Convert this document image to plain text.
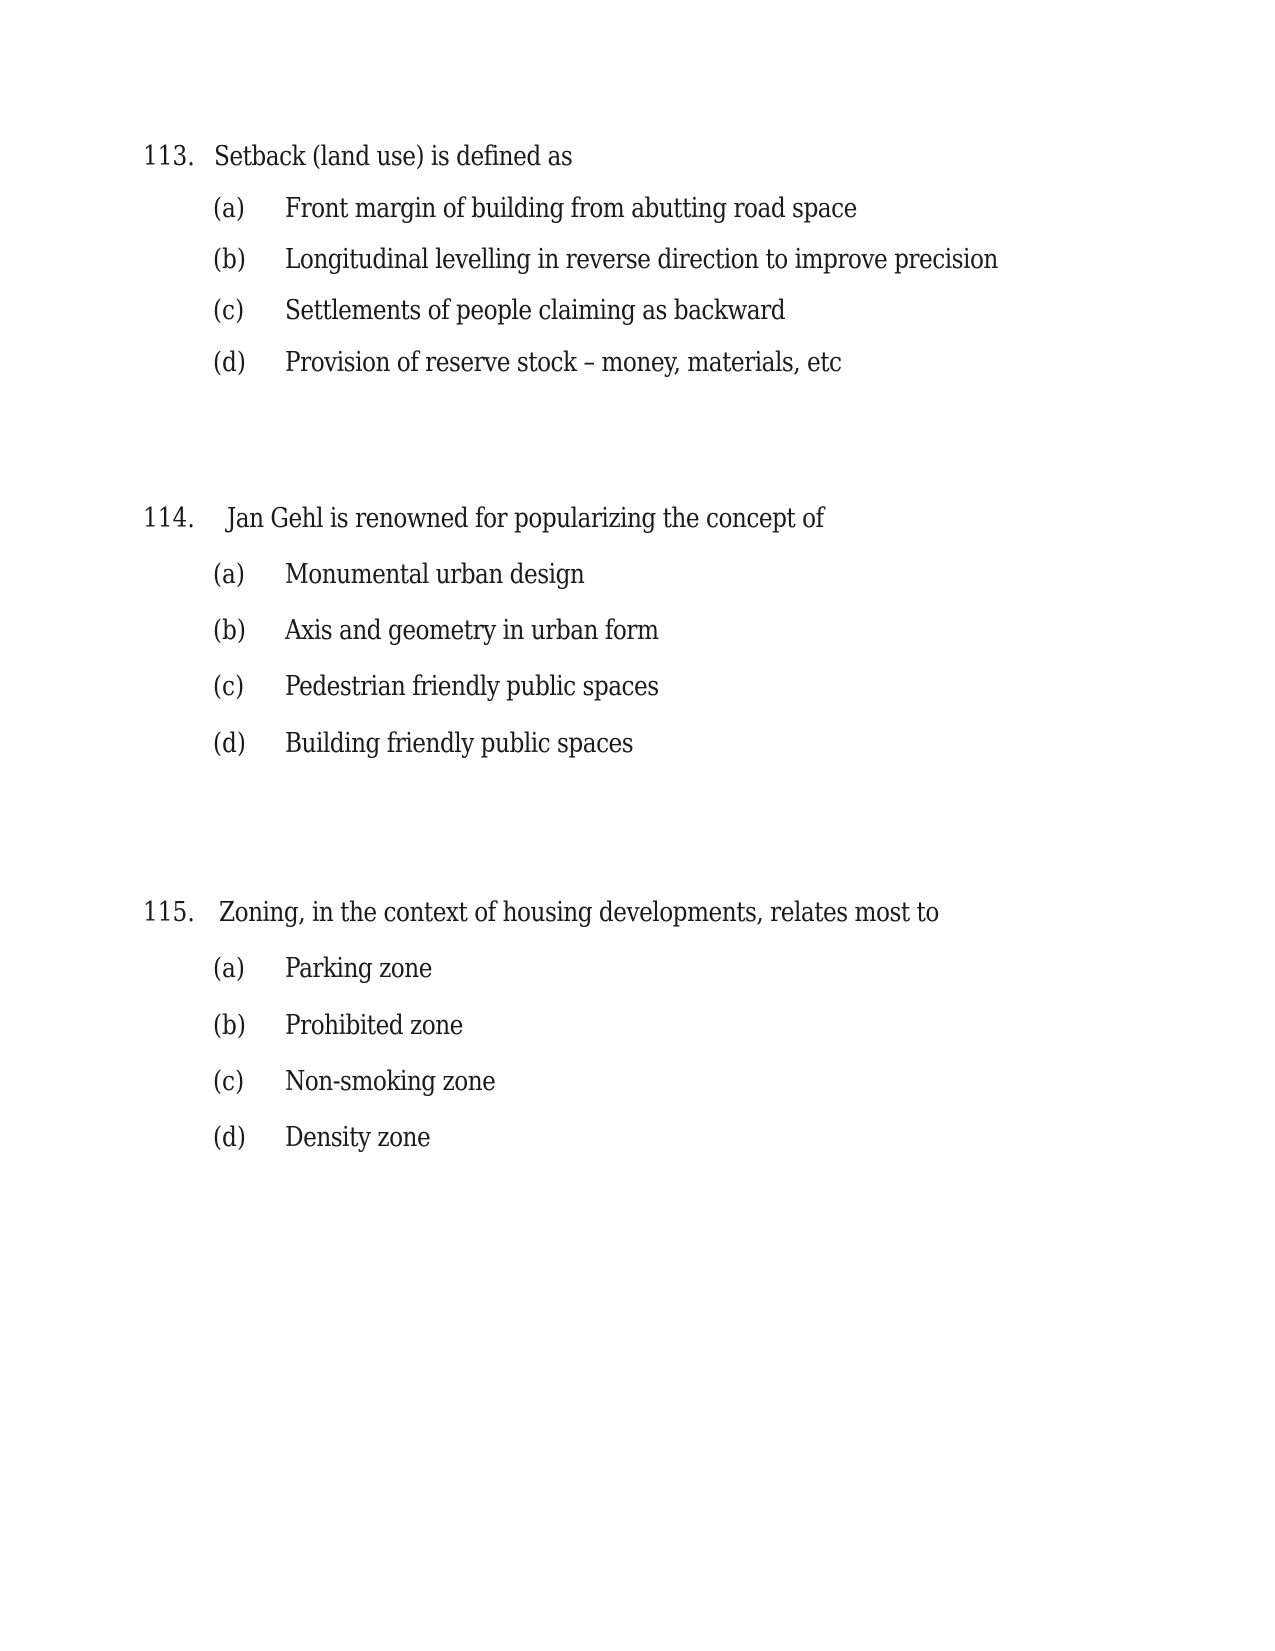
113. Setback (land use) is defined as
(a) Front margin of building from abutting road space
(b) Longitudinal levelling in reverse direction to improve precision
(c) Settlements of people claiming as backward
(d) Provision of reserve stock – money, materials, etc
114. Jan Gehl is renowned for popularizing the concept of
(a) Monumental urban design
(b) Axis and geometry in urban form
(c) Pedestrian friendly public spaces
(d) Building friendly public spaces
115. Zoning, in the context of housing developments, relates most to
(a) Parking zone
(b) Prohibited zone
(c) Non-smoking zone
(d) Density zone
